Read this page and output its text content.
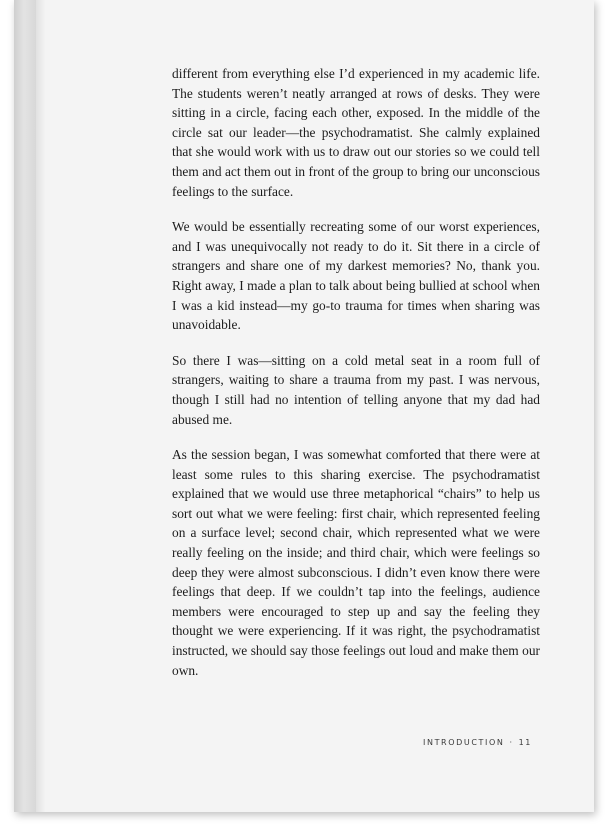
different from everything else I’d experienced in my academic life. The students weren’t neatly arranged at rows of desks. They were sitting in a circle, facing each other, exposed. In the middle of the circle sat our leader—the psychodramatist. She calmly explained that she would work with us to draw out our stories so we could tell them and act them out in front of the group to bring our unconscious feelings to the surface.

We would be essentially recreating some of our worst experiences, and I was unequivocally not ready to do it. Sit there in a circle of strangers and share one of my darkest memories? No, thank you. Right away, I made a plan to talk about being bullied at school when I was a kid instead—my go-to trauma for times when sharing was unavoidable.

So there I was—sitting on a cold metal seat in a room full of strangers, waiting to share a trauma from my past. I was nervous, though I still had no intention of telling anyone that my dad had abused me.

As the session began, I was somewhat comforted that there were at least some rules to this sharing exercise. The psychodramatist explained that we would use three metaphorical “chairs” to help us sort out what we were feeling: first chair, which represented feeling on a surface level; second chair, which represented what we were really feeling on the inside; and third chair, which were feelings so deep they were almost subconscious. I didn’t even know there were feelings that deep. If we couldn’t tap into the feelings, audience members were encouraged to step up and say the feeling they thought we were experiencing. If it was right, the psychodramatist instructed, we should say those feelings out loud and make them our own.

INTRODUCTION · 11
